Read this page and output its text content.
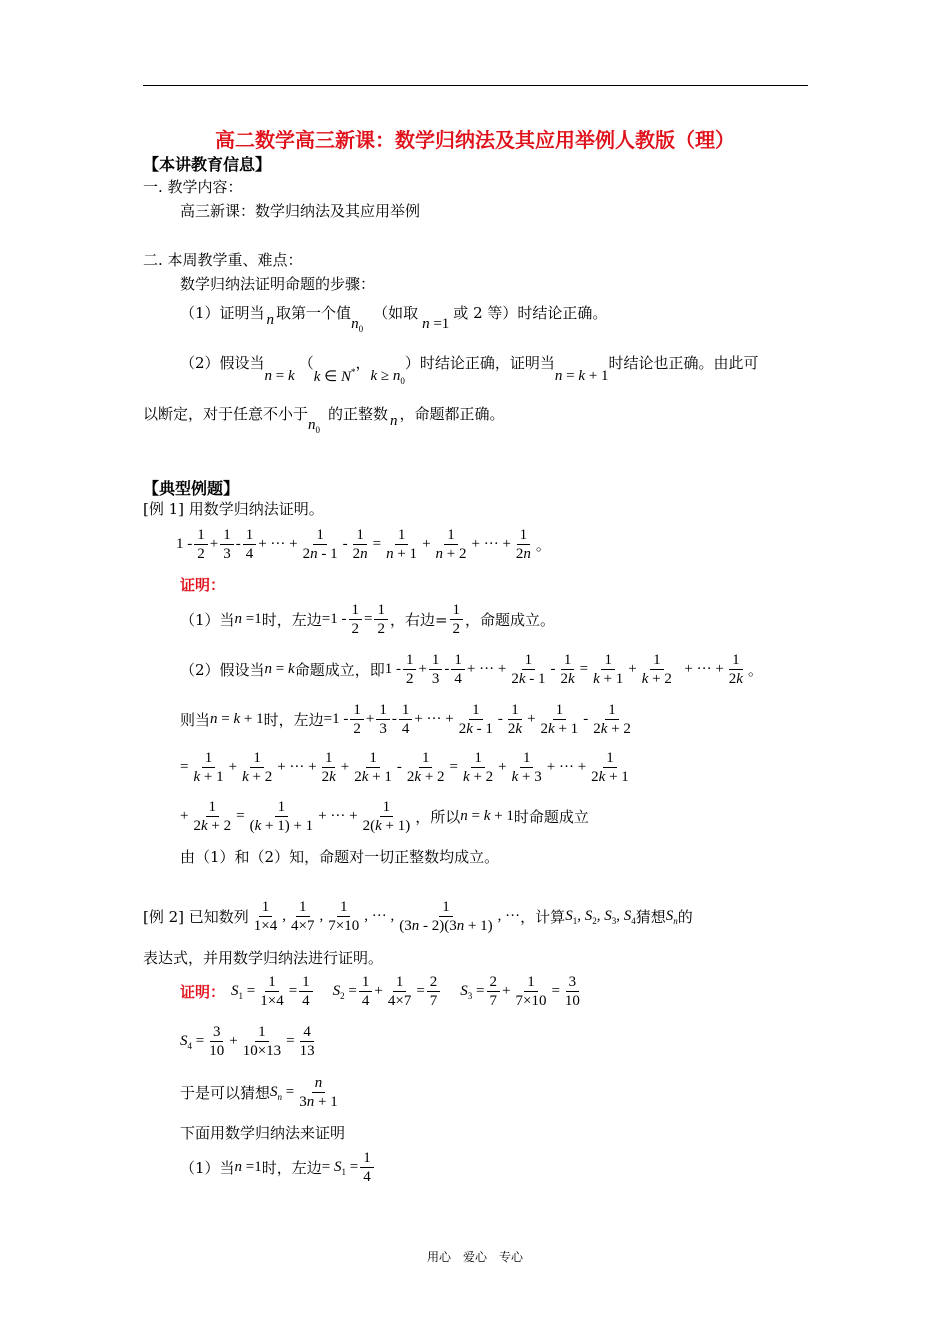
高二数学高三新课：数学归纳法及其应用举例人教版（理）
【本讲教育信息】
一. 教学内容：
高三新课：数学归纳法及其应用举例
二. 本周教学重、难点：
数学归纳法证明命题的步骤：
（1）证明当 n 取第一个值
$n_0$
（如取
n =1
或 2 等）时结论正确。
（2）假设当
n = k
（
k ∈ N* ，
$k \ge n_0$
） 时结论正确，证明当
n = k + 1
时结论也正确。由此可
以断定，对于任意不小于
$n_0$
的正整数 n ，命题都正确。
【典型例题】
[例 1] 用数学归纳法证明。
$1 - \frac{1}{2} + \frac{1}{3} - \frac{1}{4}$ + ··· + $\frac{1}{2n - 1} - \frac{1}{2n} = \frac{1}{n + 1} + \frac{1}{n + 2}$ + ··· + $\frac{1}{2n}$ 。
证明：
（1）当 n =1 时，左边 $=1 - \frac{1}{2} = \frac{1}{2}$ ，右边= $\frac{1}{2}$ ，命题成立。
（2）假设当 n = k 命题成立，即 $1 - \frac{1}{2} + \frac{1}{3} - \frac{1}{4}$ + ··· + $\frac{1}{2k - 1} - \frac{1}{2k} = \frac{1}{k + 1} + \frac{1}{k + 2}$ + ··· + $\frac{1}{2k}$ 。
则当 n = k + 1 时，左边 $=1 - \frac{1}{2} + \frac{1}{3} - \frac{1}{4}$ + ··· + $\frac{1}{2k - 1} - \frac{1}{2k} + \frac{1}{2k + 1} - \frac{1}{2k + 2}$
= $\frac{1}{k + 1} + \frac{1}{k + 2}$ + ··· + $\frac{1}{2k} + \frac{1}{2k + 1} - \frac{1}{2k + 2} = \frac{1}{k + 2} + \frac{1}{k + 3}$ + ··· + $\frac{1}{2k + 1}$
+ $\frac{1}{2k + 2} = \frac{1}{(k + 1) + 1}$ + ··· + $\frac{1}{2(k + 1)}$ ，所以 n = k + 1 时命题成立
由（1）和（2）知，命题对一切正整数均成立。
[例 2] 已知数列 $\frac{1}{1\times 4}$ , $\frac{1}{4\times 7}$ , $\frac{1}{7\times 10}$ , ··· , $\frac{1}{(3n - 2)(3n + 1)}$ , ··· ，计算 $S_1$, $S_2$, $S_3$, $S_4$ 猜想 $S_n$ 的
表达式，并用数学归纳法进行证明。
证明： $S_1 = \frac{1}{1\times 4} = \frac{1}{4} S_2 = \frac{1}{4} + \frac{1}{4\times 7} = \frac{2}{7} S_3 = \frac{2}{7} + \frac{1}{7\times 10} = \frac{3}{10}$
$S_4 = \frac{3}{10} + \frac{1}{10\times 13} = \frac{4}{13}$
于是可以猜想 $S_n = \frac{n}{3n + 1}$
下面用数学归纳法来证明
（1）当 n =1 时，左边 = $S_1 = \frac{1}{4}$
用心　爱心　专心
